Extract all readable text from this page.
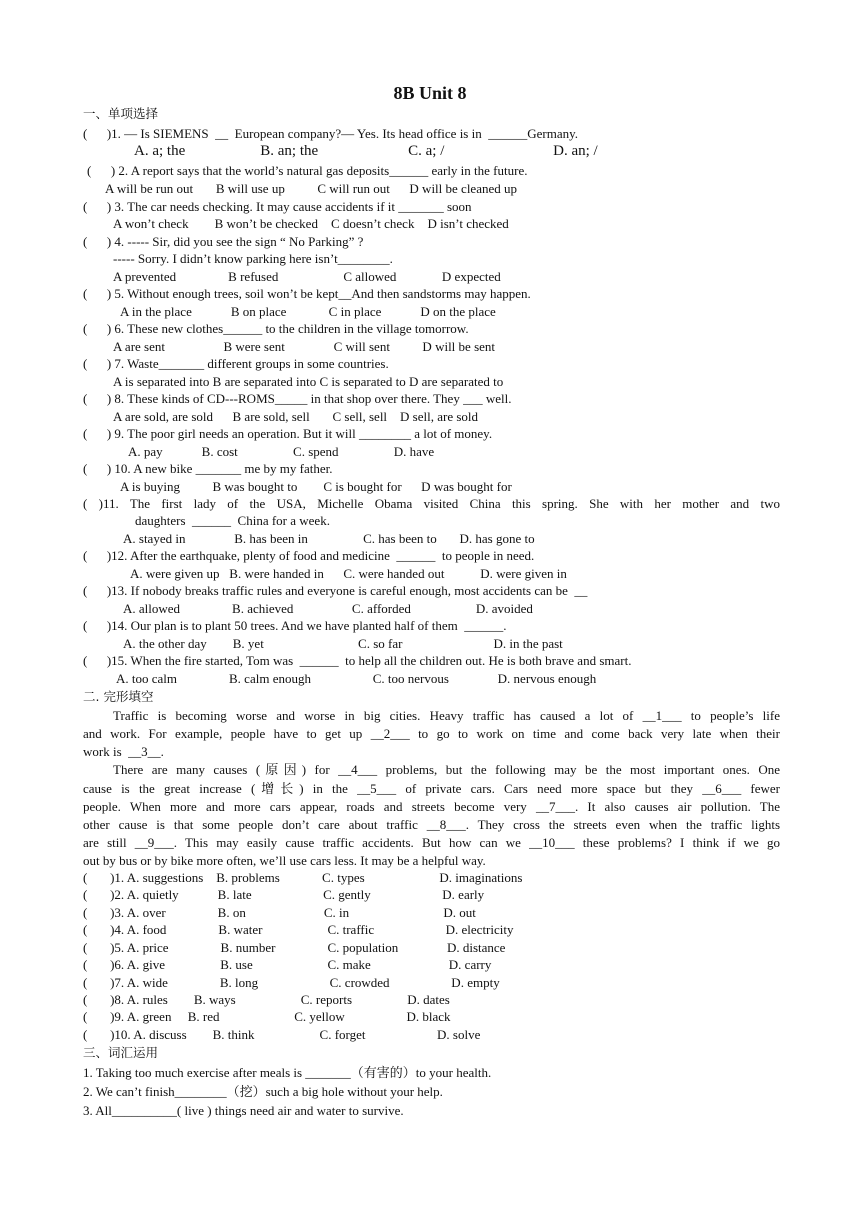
8B Unit 8
一、单项选择
(      )1. — Is SIEMENS  __  European company?— Yes. Its head office is in  ______Germany.
A. a; the                    B. an; the                        C. a; /                             D. an; /
(      ) 2. A report says that the world’s natural gas deposits______ early in the future.
A will be run out       B will use up          C will run out      D will be cleaned up
(      ) 3. The car needs checking. It may cause accidents if it _______ soon
A won’t check        B won’t be checked    C doesn’t check    D isn’t checked
(      ) 4. ----- Sir, did you see the sign “ No Parking” ?
----- Sorry. I didn’t know parking here isn’t________.
A prevented                B refused                    C allowed              D expected
(      ) 5. Without enough trees, soil won’t be kept__And then sandstorms may happen.
A in the place            B on place             C in place            D on the place
(      ) 6. These new clothes______ to the children in the village tomorrow.
A are sent                  B were sent               C will sent          D will be sent
(      ) 7. Waste_______ different groups in some countries.
A is separated into B are separated into C is separated to D are separated to
(      ) 8. These kinds of CD---ROMS_____ in that shop over there. They ___ well.
A are sold, are sold      B are sold, sell       C sell, sell    D sell, are sold
(      ) 9. The poor girl needs an operation. But it will ________ a lot of money.
A. pay            B. cost                 C. spend                 D. have
(      ) 10. A new bike _______ me by my father.
A is buying          B was bought to        C is bought for      D was bought for
( )11. The first lady of the USA, Michelle Obama visited China this spring. She with her mother and two
daughters  ______  China for a week.
A. stayed in               B. has been in                 C. has been to       D. has gone to
(      )12. After the earthquake, plenty of food and medicine  ______  to people in need.
A. were given up   B. were handed in      C. were handed out           D. were given in
(      )13. If nobody breaks traffic rules and everyone is careful enough, most accidents can be  __
A. allowed                B. achieved                  C. afforded                    D. avoided
(      )14. Our plan is to plant 50 trees. And we have planted half of them  ______.
A. the other day        B. yet                             C. so far                            D. in the past
(      )15. When the fire started, Tom was  ______  to help all the children out. He is both brave and smart.
A. too calm                B. calm enough                   C. too nervous               D. nervous enough
二. 完形填空
Traffic is becoming worse and worse in big cities. Heavy traffic has caused a lot of __1___ to people’s life
and work. For example, people have to get up __2___ to go to work on time and come back very late when their
work is  __3__.
There are many causes (原因) for __4___ problems, but the following may be the most important ones. One
cause is the great increase (增长) in the __5___ of private cars. Cars need more space but they __6___ fewer
people. When more and more cars appear, roads and streets become very __7___. It also causes air pollution. The
other cause is that some people don’t care about traffic __8___. They cross the streets even when the traffic lights
are still __9___. This may easily cause traffic accidents. But how can we __10___ these problems? I think if we go
out by bus or by bike more often, we’ll use cars less. It may be a helpful way.
(       )1. A. suggestions    B. problems             C. types                       D. imaginations
(       )2. A. quietly            B. late                      C. gently                      D. early
(       )3. A. over                B. on                        C. in                             D. out
(       )4. A. food                B. water                    C. traffic                      D. electricity
(       )5. A. price                B. number                C. population               D. distance
(       )6. A. give                 B. use                       C. make                        D. carry
(       )7. A. wide                B. long                      C. crowded                   D. empty
(       )8. A. rules        B. ways                    C. reports                 D. dates
(       )9. A. green     B. red                       C. yellow                   D. black
(       )10. A. discuss        B. think                    C. forget                      D. solve
三、词汇运用
1. Taking too much exercise after meals is _______（有害的）to your health.
2. We can’t finish________（挖）such a big hole without your help.
3. All__________( live ) things need air and water to survive.
